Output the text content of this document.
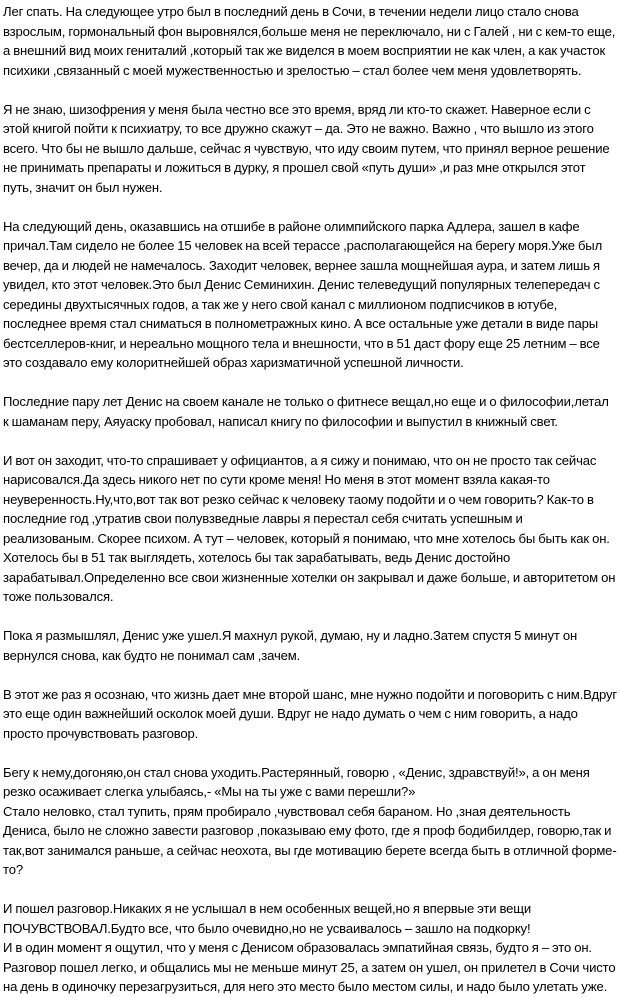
Лег спать. На следующее утро был в последний день в Сочи, в течении недели лицо стало снова взрослым, гормональный фон выровнялся,больше меня не переключало, ни с Галей , ни с кем-то еще, а внешний вид моих гениталий ,который так же виделся в моем восприятии не как член, а как участок психики ,связанный с моей мужественностью и зрелостью – стал более чем меня удовлетворять.

Я не знаю, шизофрения у меня была честно все это время, вряд ли кто-то скажет. Наверное если с этой книгой пойти к психиатру, то все дружно скажут – да. Это не важно. Важно , что вышло из этого всего. Что бы не вышло дальше, сейчас я чувствую, что иду своим путем, что принял верное решение не принимать препараты и ложиться в дурку, я прошел свой «путь души» ,и раз мне открылся этот путь, значит он был нужен.

На следующий день, оказавшись на отшибе в районе олимпийского парка Адлера, зашел в кафе причал.Там сидело не более 15 человек на всей терассе ,располагающейся на берегу моря.Уже был вечер, да и людей не намечалось. Заходит человек, вернее зашла мощнейшая аура, и затем лишь я увидел, кто этот человек.Это был Денис Семинихин. Денис телеведущий популярных телепередач с середины двухтысячных годов, а так же у него свой канал с миллионом подписчиков в ютубе, последнее время стал сниматься в полнометражных кино. А все остальные уже детали в виде пары бестселлеров-книг, и нереально мощного тела и внешности, что в 51 даст фору еще 25 летним – все это создавало ему колоритнейшей образ харизматичной успешной личности.

Последние пару лет Денис на своем канале не только о фитнесе вещал,но еще и о философии,летал к шаманам перу, Аяуаску пробовал, написал книгу по философии и выпустил в книжный свет.

И вот он заходит, что-то спрашивает у официантов, а я сижу и понимаю, что он не просто так сейчас нарисовался.Да здесь никого нет по сути кроме меня! Но меня в этот момент взяла какая-то неуверенность.Ну,что,вот так вот резко сейчас к человеку таому подойти и о чем говорить? Как-то в последние год ,утратив свои полувзведные лавры я перестал себя считать успешным и реализованым. Скорее психом. А тут – человек, который я понимаю, что мне хотелось бы быть как он. Хотелось бы в 51 так выглядеть, хотелось бы так зарабатывать, ведь Денис достойно зарабатывал.Определенно все свои жизненные хотелки он закрывал и даже больше, и авторитетом он тоже пользовался.

Пока я размышлял, Денис уже ушел.Я махнул рукой, думаю, ну и ладно.Затем спустя 5 минут он вернулся снова, как будто не понимал сам ,зачем.

В этот же раз я осознаю, что жизнь дает мне второй шанс, мне нужно подойти и поговорить с ним.Вдруг это еще один важнейший осколок моей души. Вдруг не надо думать о чем с ним говорить, а надо просто прочувствовать разговор.

Бегу к нему,догоняю,он стал снова уходить.Растерянный, говорю , «Денис, здравствуй!», а он меня резко осаживает слегка улыбаясь,- «Мы на ты уже с вами перешли?»
Стало неловко, стал тупить, прям пробирало ,чувствовал себя бараном. Но ,зная деятельность Дениса, было не сложно завести разговор ,показываю ему фото, где я проф бодибилдер, говорю,так и так,вот занимался раньше, а сейчас неохота, вы где мотивацию берете всегда быть в отличной форме-то?

И пошел разговор.Никаких я не услышал в нем особенных вещей,но я впервые эти вещи ПОЧУВСТВОВАЛ.Будто все, что было очевидно,но не усваивалось – зашло на подкорку!
И в один момент я ощутил, что у меня с Денисом образовалась эмпатийная связь, будто я – это он. Разговор пошел легко, и общались мы не меньше минут 25, а затем он ушел, он прилетел в Сочи чисто на день в одиночку перезагрузиться, для него это место было местом силы, и надо было улетать уже.
